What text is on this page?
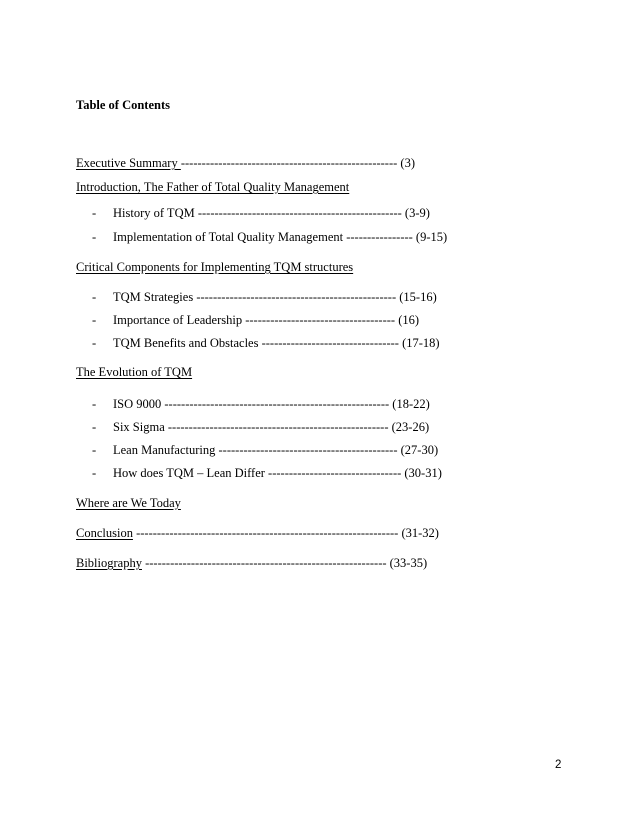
Table of Contents
Executive Summary ---------------------------------------------------- (3)
Introduction, The Father of Total Quality Management
- History of TQM ------------------------------------------------- (3-9)
- Implementation of Total Quality Management ---------------- (9-15)
Critical Components for Implementing TQM structures
- TQM Strategies ------------------------------------------------ (15-16)
- Importance of Leadership ------------------------------------ (16)
- TQM Benefits and Obstacles --------------------------------- (17-18)
The Evolution of TQM
- ISO 9000 ------------------------------------------------------ (18-22)
- Six Sigma ----------------------------------------------------- (23-26)
- Lean Manufacturing ------------------------------------------- (27-30)
- How does TQM – Lean Differ -------------------------------- (30-31)
Where are We Today
Conclusion --------------------------------------------------------------- (31-32)
Bibliography ---------------------------------------------------------- (33-35)
2
